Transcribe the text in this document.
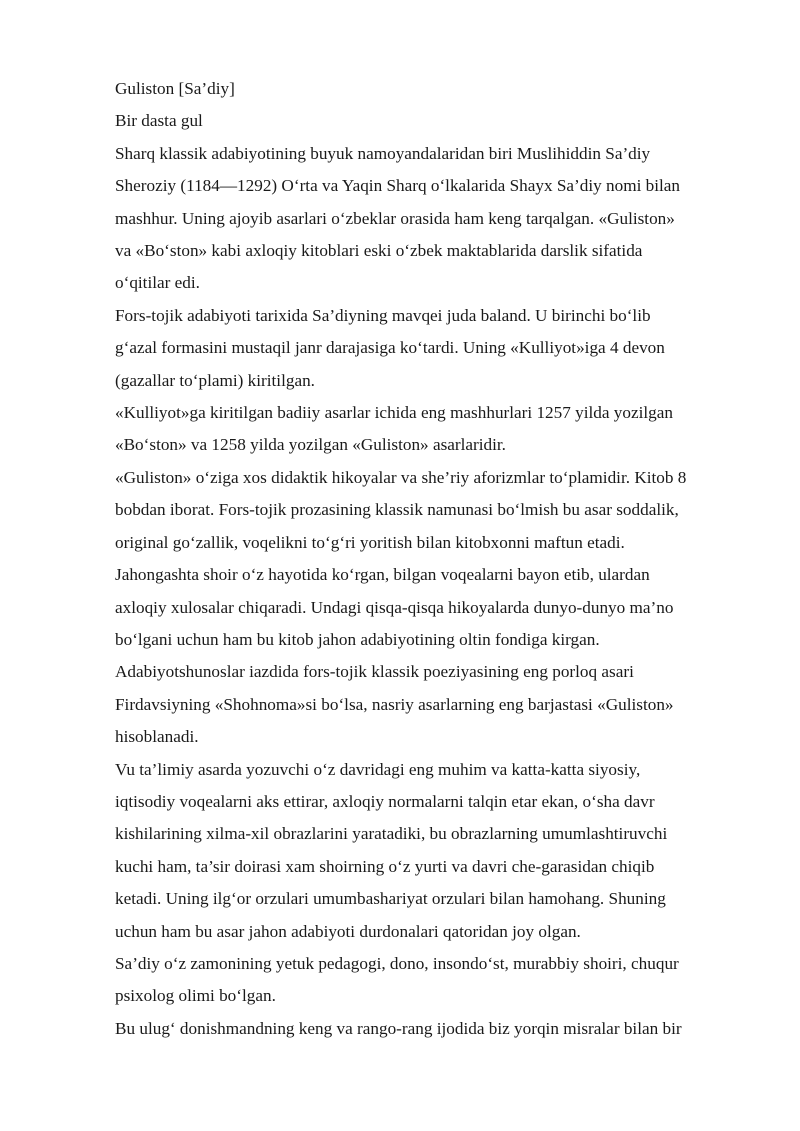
Guliston [Sa’diy]

Bir dasta gul

Sharq klassik adabiyotining buyuk namoyandalaridan biri Muslihiddin Sa’diy
Sheroziy (1184—1292) O‘rta va Yaqin Sharq o‘lkalarida Shayx Sa’diy nomi bilan
mashhur. Uning ajoyib asarlari o‘zbeklar orasida ham keng tarqalgan. «Guliston»
va «Bo‘ston» kabi axloqiy kitoblari eski o‘zbek maktablarida darslik sifatida
o‘qitilar edi.

Fors-tojik adabiyoti tarixida Sa’diyning mavqei juda baland. U birinchi bo‘lib
g‘azal formasini mustaqil janr darajasiga ko‘tardi. Uning «Kulliyot»iga 4 devon
(gazallar to‘plami) kiritilgan.

«Kulliyot»ga kiritilgan badiiy asarlar ichida eng mashhurlari 1257 yilda yozilgan
«Bo‘ston» va 1258 yilda yozilgan «Guliston» asarlaridir.

«Guliston» o‘ziga xos didaktik hikoyalar va she’riy aforizmlar to‘plamidir. Kitob 8
bobdan iborat. Fors-tojik prozasining klassik namunasi bo‘lmish bu asar soddalik,
original go‘zallik, voqelikni to‘g‘ri yoritish bilan kitobxonni maftun etadi.
Jahongashta shoir o‘z hayotida ko‘rgan, bilgan voqealarni bayon etib, ulardan
axloqiy xulosalar chiqaradi. Undagi qisqa-qisqa hikoyalarda dunyo-dunyo ma’no
bo‘lgani uchun ham bu kitob jahon adabiyotining oltin fondiga kirgan.

Adabiyotshunoslar iazdida fors-tojik klassik poeziyasining eng porloq asari
Firdavsiyning «Shohnoma»si bo‘lsa, nasriy asarlarning eng barjastasi «Guliston»
hisoblanadi.

Vu ta’limiy asarda yozuvchi o‘z davridagi eng muhim va katta-katta siyosiy,
iqtisodiy voqealarni aks ettirar, axloqiy normalarni talqin etar ekan, o‘sha davr
kishilarining xilma-xil obrazlarini yaratadiki, bu obrazlarning umumlashtiruvchi
kuchi ham, ta’sir doirasi xam shoirning o‘z yurti va davri che-garasidan chiqib
ketadi. Uning ilg‘or orzulari umumbashariyat orzulari bilan hamohang. Shuning
uchun ham bu asar jahon adabiyoti durdonalari qatoridan joy olgan.

Sa’diy o‘z zamonining yetuk pedagogi, dono, insondo‘st, murabbiy shoiri, chuqur
psixolog olimi bo‘lgan.

Bu ulug‘ donishmandning keng va rango-rang ijodida biz yorqin misralar bilan bir
